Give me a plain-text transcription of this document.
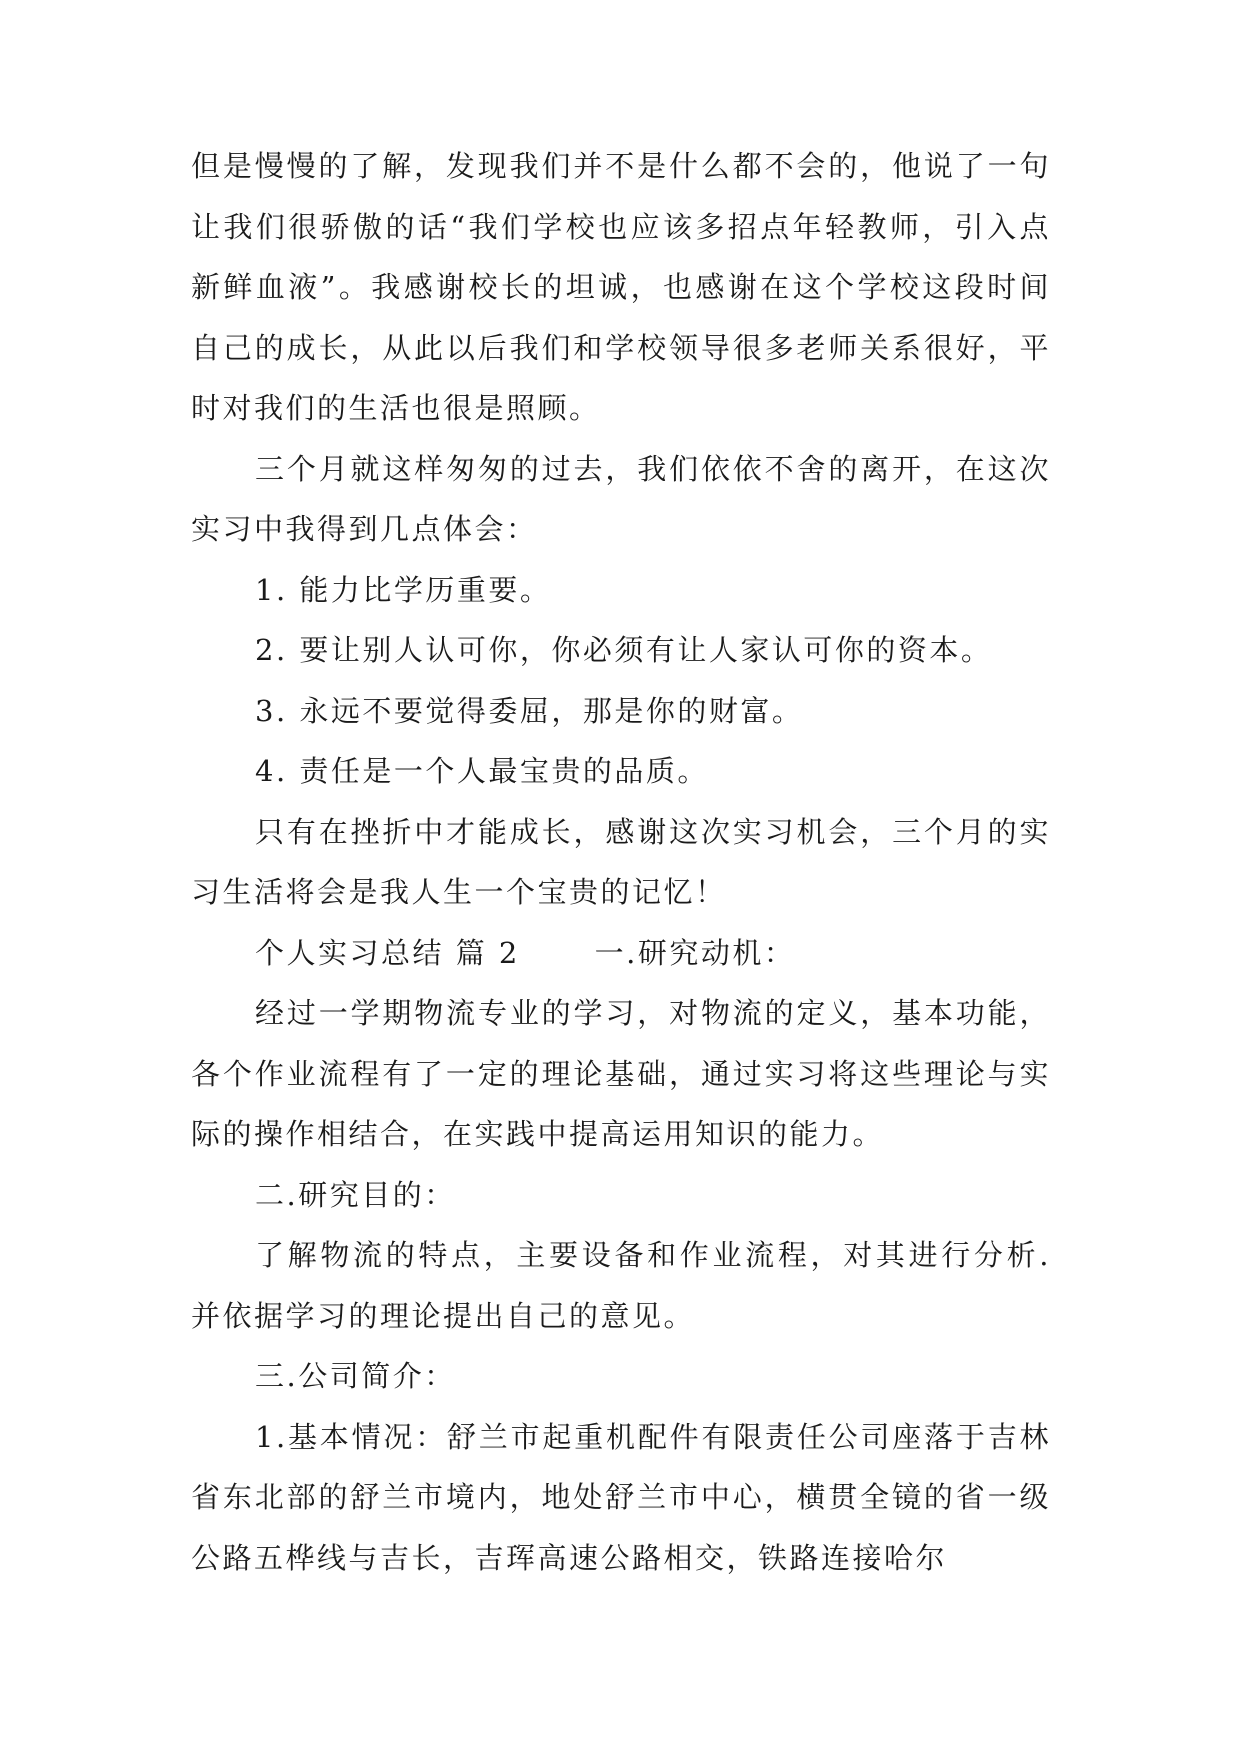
但是慢慢的了解，发现我们并不是什么都不会的，他说了一句让我们很骄傲的话“我们学校也应该多招点年轻教师，引入点新鲜血液”。我感谢校长的坦诚，也感谢在这个学校这段时间自己的成长，从此以后我们和学校领导很多老师关系很好，平时对我们的生活也很是照顾。

三个月就这样匆匆的过去，我们依依不舍的离开，在这次实习中我得到几点体会：

1. 能力比学历重要。

2. 要让别人认可你，你必须有让人家认可你的资本。

3. 永远不要觉得委屈，那是你的财富。

4. 责任是一个人最宝贵的品质。

只有在挫折中才能成长，感谢这次实习机会，三个月的实习生活将会是我人生一个宝贵的记忆！

个人实习总结 篇 2　　 一.研究动机：

经过一学期物流专业的学习，对物流的定义，基本功能，各个作业流程有了一定的理论基础，通过实习将这些理论与实际的操作相结合，在实践中提高运用知识的能力。

二.研究目的：

了解物流的特点，主要设备和作业流程，对其进行分析.并依据学习的理论提出自己的意见。

三.公司简介：

1.基本情况：舒兰市起重机配件有限责任公司座落于吉林省东北部的舒兰市境内，地处舒兰市中心，横贯全镜的省一级公路五桦线与吉长，吉珲高速公路相交，铁路连接哈尔
